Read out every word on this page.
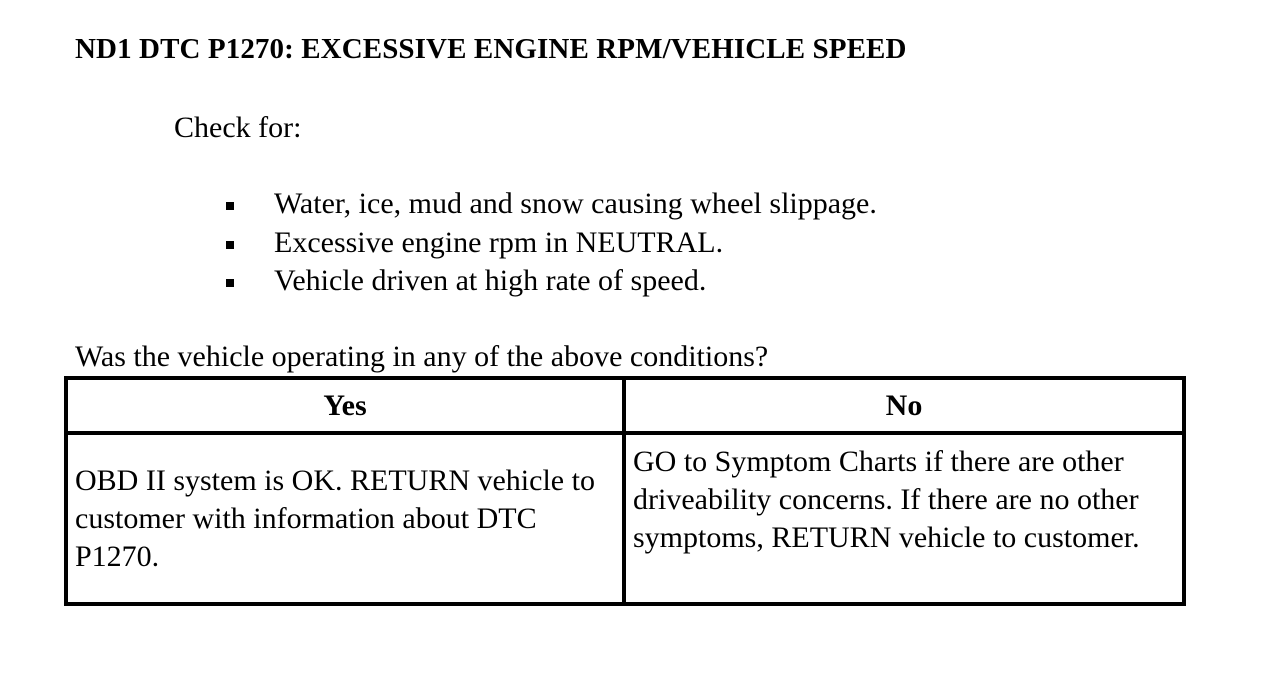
ND1 DTC P1270: EXCESSIVE ENGINE RPM/VEHICLE SPEED
Check for:
Water, ice, mud and snow causing wheel slippage.
Excessive engine rpm in NEUTRAL.
Vehicle driven at high rate of speed.
Was the vehicle operating in any of the above conditions?
Yes	No
OBD II system is OK. RETURN vehicle to customer with information about DTC P1270.	GO to Symptom Charts if there are other driveability concerns. If there are no other symptoms, RETURN vehicle to customer.
